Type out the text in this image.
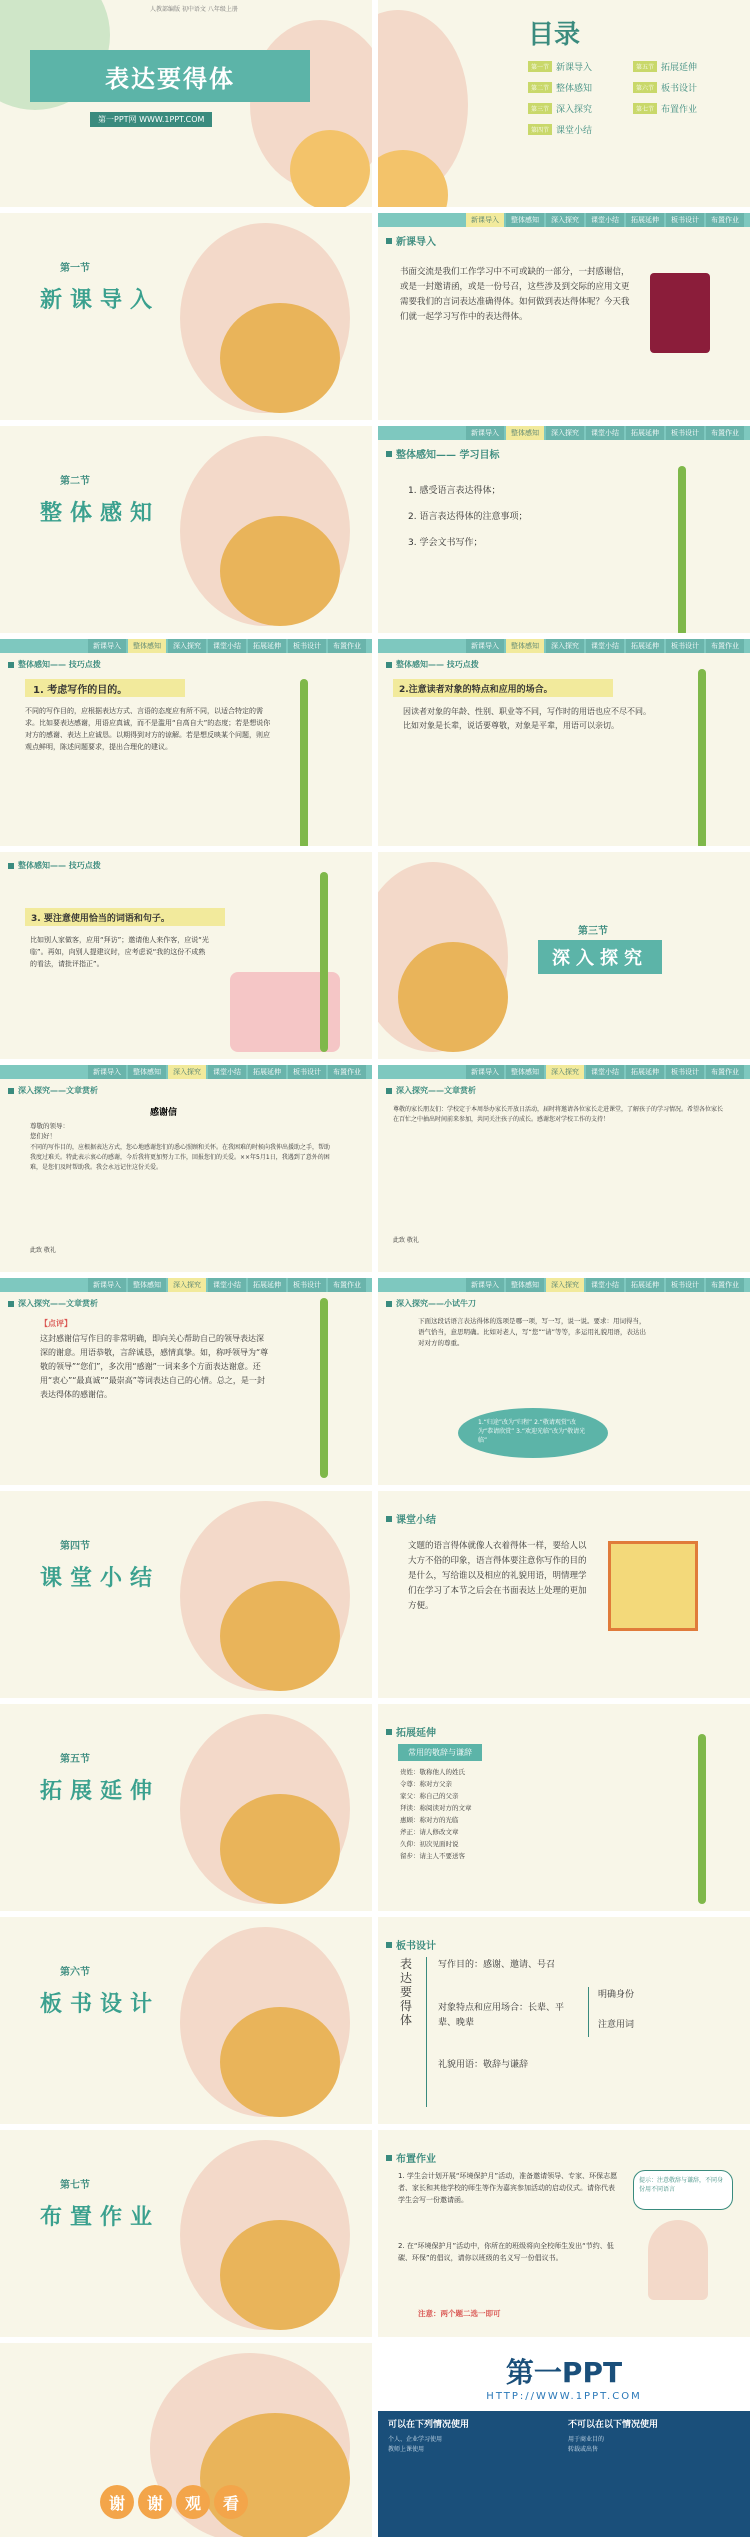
人教部编版 初中语文 八年级上册
表达要得体
第一PPT网 WWW.1PPT.COM
目录
第一节 新课导入	第五节 拓展延伸
第二节 整体感知	第六节 板书设计
第三节 深入探究	第七节 布置作业
第四节 课堂小结
第一节
新课导入
新课导入	整体感知	深入探究	课堂小结	拓展延伸	板书设计	布置作业
新课导入
书面交流是我们工作学习中不可或缺的一部分，一封感谢信，或是一封邀请函，或是一份号召，这些涉及到交际的应用文更需要我们的言词表达准确得体。如何做到表达得体呢？今天我们就一起学习写作中的表达得体。
第二节
整体感知
新课导入	整体感知	深入探究	课堂小结	拓展延伸	板书设计	布置作业
整体感知—— 学习目标
1. 感受语言表达得体；
2. 语言表达得体的注意事项；
3. 学会文书写作；
新课导入	整体感知	深入探究	课堂小结	拓展延伸	板书设计	布置作业
整体感知—— 技巧点拨
1. 考虑写作的目的。
不同的写作目的，应根据表达方式、言语的态度应有所不同，以适合特定的需求。比如要表达感谢，用语应真诚，而不是滥用“自高自大”的态度；若是想说你对方的感谢、表达上应诚恳。以期得到对方的谅解。若是想反映某个问题，则应观点鲜明，陈述问题要求，提出合理化的建议。
新课导入	整体感知	深入探究	课堂小结	拓展延伸	板书设计	布置作业
整体感知—— 技巧点拨
2.注意读者对象的特点和应用的场合。
因读者对象的年龄、性别、职业等不同，写作时的用语也应不尽不同。比如对象是长辈，说话要尊敬，对象是平辈，用语可以亲切。
整体感知—— 技巧点拨
3. 要注意使用恰当的词语和句子。
比如别人家做客，应用“拜访”；邀请他人来作客，应说“光临”。再如，向别人提建议时，应考虑说“我的这份不成熟的看法，请批评指正”。
第三节
深入探究
新课导入	整体感知	深入探究	课堂小结	拓展延伸	板书设计	布置作业
深入探究——文章赏析
感谢信
尊敬的领导：
您们好！
不同的写作目的，应根据表达方式，您心地感谢您们的悉心照顾和关怀。在我困难的时候向我伸出援助之手，帮助我度过难关。特此表示衷心的感谢，今后我将更加努力工作，回报您们的关爱。××年5月1日，我遇到了意外的困难，是您们及时帮助我。我会永远记住这份关爱。
此致 敬礼
新课导入	整体感知	深入探究	课堂小结	拓展延伸	板书设计	布置作业
深入探究——文章赏析
尊敬的家长朋友们：学校定于本周举办家长开放日活动，届时将邀请各位家长走进课堂，了解孩子的学习情况。希望各位家长在百忙之中抽出时间前来参加，共同关注孩子的成长。感谢您对学校工作的支持！
此致 敬礼
新课导入	整体感知	深入探究	课堂小结	拓展延伸	板书设计	布置作业
深入探究——文章赏析
【点评】
这封感谢信写作目的非常明确，即向关心帮助自己的领导表达深深的谢意。用语恭敬，言辞诚恳，感情真挚。如，称呼领导为“尊敬的领导”“您们”，多次用“感谢”一词来多个方面表达谢意。还用“衷心”“最真诚”“最崇高”等词表达自己的心情。总之，是一封表达得体的感谢信。
新课导入	整体感知	深入探究	课堂小结	拓展延伸	板书设计	布置作业
深入探究——小试牛刀
下面这段话语言表达得体的选项是哪一项，写一写，说一说。要求：用词得当，语气恰当，意思明确。比如对老人，写“您”“请”等等，多运用礼貌用语，表达出对对方的尊重。
1.“归途”改为“归程” 2.“敬请观赏”改为“恭请欣赏” 3.“欢迎光临”改为“敬请光临”
第四节
课堂小结
课堂小结
文题的语言得体就像人衣着得体一样，要给人以大方不俗的印象，语言得体要注意你写作的目的是什么，写给谁以及相应的礼貌用语，明情理学们在学习了本节之后会在书面表达上处理的更加方便。
第五节
拓展延伸
拓展延伸
常用的敬辞与谦辞
贵姓：敬称他人的姓氏
令尊：称对方父亲
家父：称自己的父亲
拜读：称阅读对方的文章
惠顾：称对方的光临
斧正：请人修改文章
久仰：初次见面时说
留步：请主人不要送客
第六节
板书设计
板书设计
表达要得体
写作目的：感谢、邀请、号召
对象特点和应用场合：长辈、平辈、晚辈
礼貌用语：敬辞与谦辞
明确身份
注意用词
第七节
布置作业
布置作业
1. 学生会计划开展“环境保护月”活动，准备邀请领导、专家、环保志愿者、家长和其他学校的师生等作为嘉宾参加活动的启动仪式。请你代表学生会写一份邀请函。
2. 在“环境保护月”活动中，你所在的班级将向全校师生发出“节约、低碳、环保”的倡议，请你以班级的名义写一份倡议书。
注意：两个题二选一即可
提示：注意敬辞与谦辞，不同身份用不同语言
谢	谢	观	看
第一PPT
HTTP://WWW.1PPT.COM
可以在下列情况使用	不可以在以下情况使用
个人、企业学习使用
教师上课使用
用于商业目的
转载或出售
